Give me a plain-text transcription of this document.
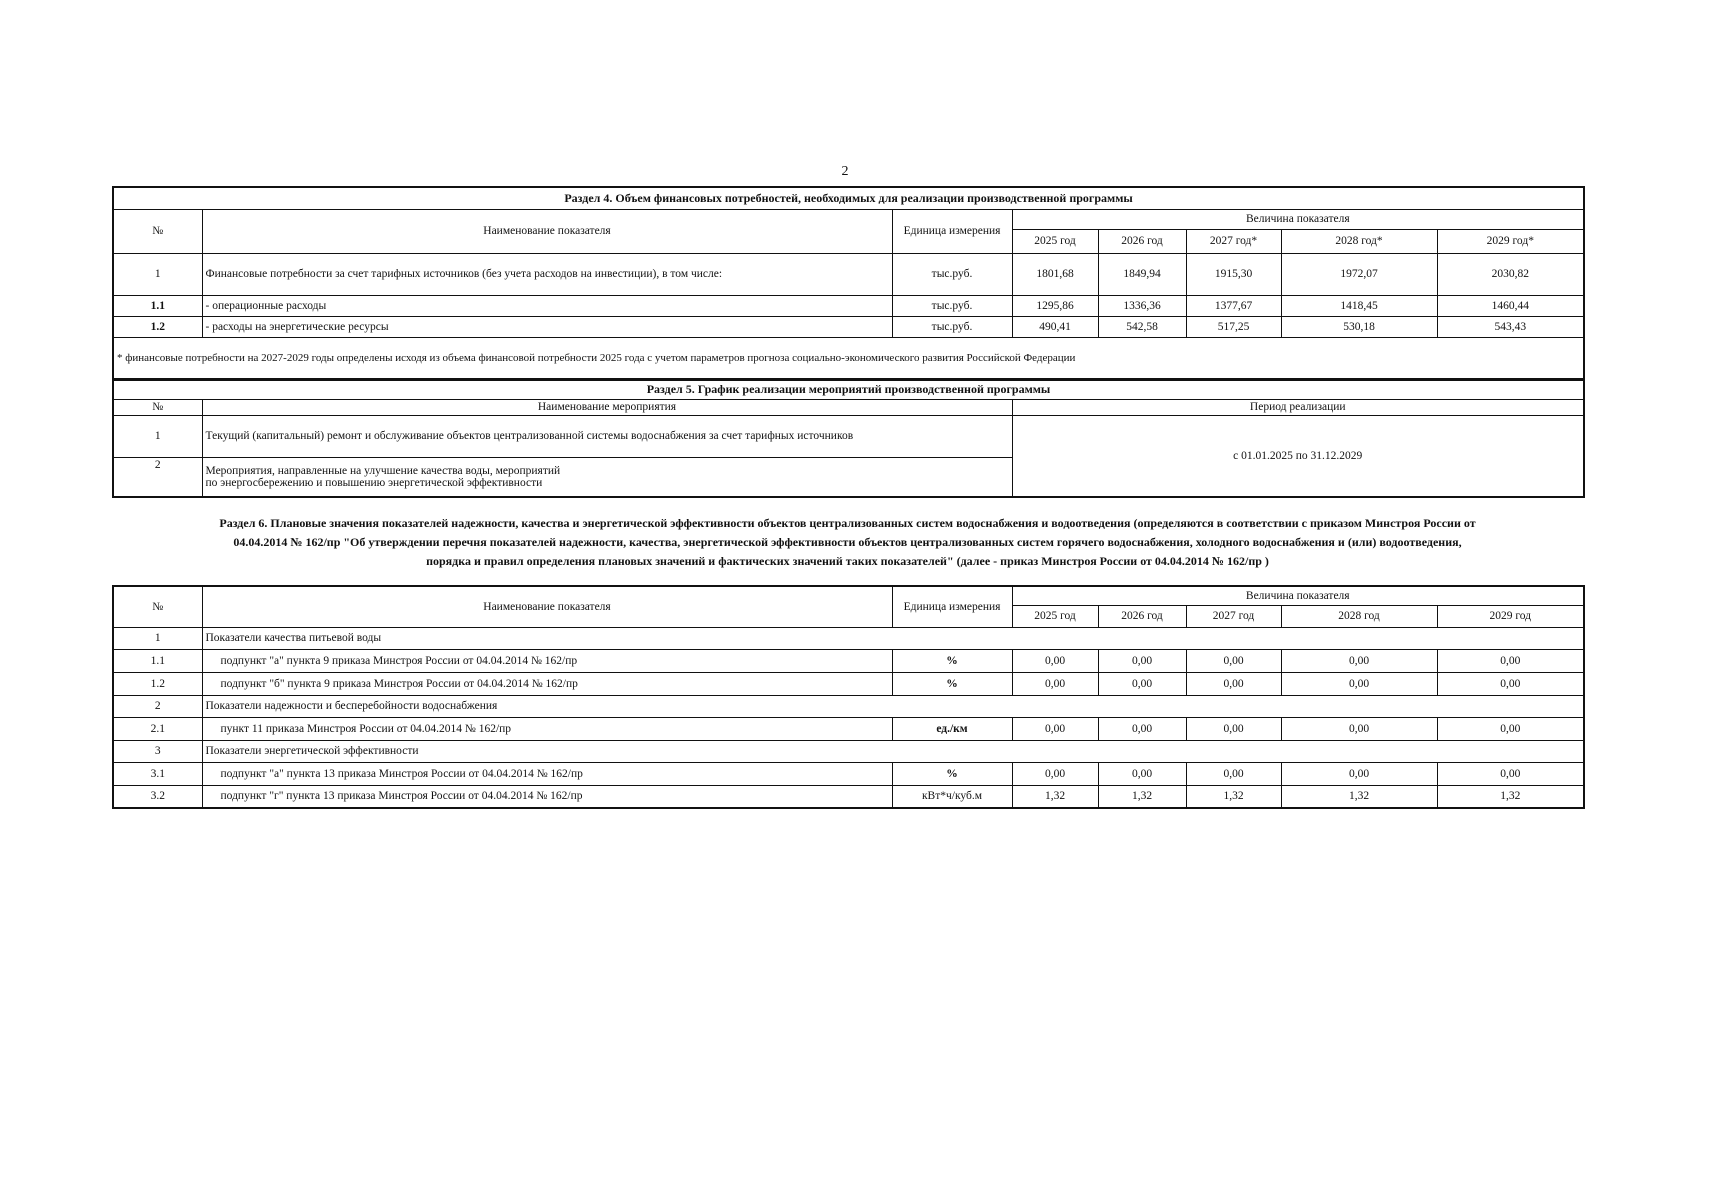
2
Раздел 4. Объем финансовых потребностей, необходимых для реализации производственной программы							
№	Наименование показателя	Единица измерения	Величина показателя				
			2025 год	2026 год	2027 год*	2028 год*	2029 год*
1	Финансовые потребности за счет тарифных источников (без учета расходов на инвестиции), в том числе:	тыс.руб.	1801,68	1849,94	1915,30	1972,07	2030,82
1.1	- операционные расходы	тыс.руб.	1295,86	1336,36	1377,67	1418,45	1460,44
1.2	- расходы на энергетические ресурсы	тыс.руб.	490,41	542,58	517,25	530,18	543,43
* финансовые потребности на 2027-2029 годы определены исходя из объема финансовой потребности 2025 года с учетом параметров прогноза социально-экономического развития Российской Федерации							
Раздел 5. График реализации мероприятий производственной программы		
№	Наименование мероприятия	Период реализации
1	Текущий (капитальный) ремонт и обслуживание объектов централизованной системы водоснабжения за счет тарифных источников	с 01.01.2025 по 31.12.2029
2	Мероприятия, направленные на улучшение качества воды, мероприятий
по энергосбережению и повышению энергетической эффективности	
Раздел 6. Плановые значения показателей надежности, качества и энергетической эффективности объектов централизованных систем водоснабжения и водоотведения (определяются в соответствии с приказом Минстроя России от
04.04.2014 № 162/пр "Об утверждении перечня показателей надежности, качества, энергетической эффективности объектов централизованных систем горячего водоснабжения, холодного водоснабжения и (или) водоотведения,
порядка и правил определения плановых значений и фактических значений таких показателей" (далее - приказ Минстроя России от 04.04.2014 № 162/пр )
№	Наименование показателя	Единица измерения	Величина показателя				
			2025 год	2026 год	2027 год	2028 год	2029 год
1	Показатели качества питьевой воды						
1.1	подпункт "а" пункта 9 приказа Минстроя России от 04.04.2014 № 162/пр	%	0,00	0,00	0,00	0,00	0,00
1.2	подпункт "б" пункта 9 приказа Минстроя России от 04.04.2014 № 162/пр	%	0,00	0,00	0,00	0,00	0,00
2	Показатели надежности и бесперебойности водоснабжения						
2.1	пункт 11 приказа Минстроя России от 04.04.2014 № 162/пр	ед./км	0,00	0,00	0,00	0,00	0,00
3	Показатели энергетической эффективности						
3.1	подпункт "а" пункта 13 приказа Минстроя России от 04.04.2014 № 162/пр	%	0,00	0,00	0,00	0,00	0,00
3.2	подпункт "г" пункта 13 приказа Минстроя России от 04.04.2014 № 162/пр	кВт*ч/куб.м	1,32	1,32	1,32	1,32	1,32
